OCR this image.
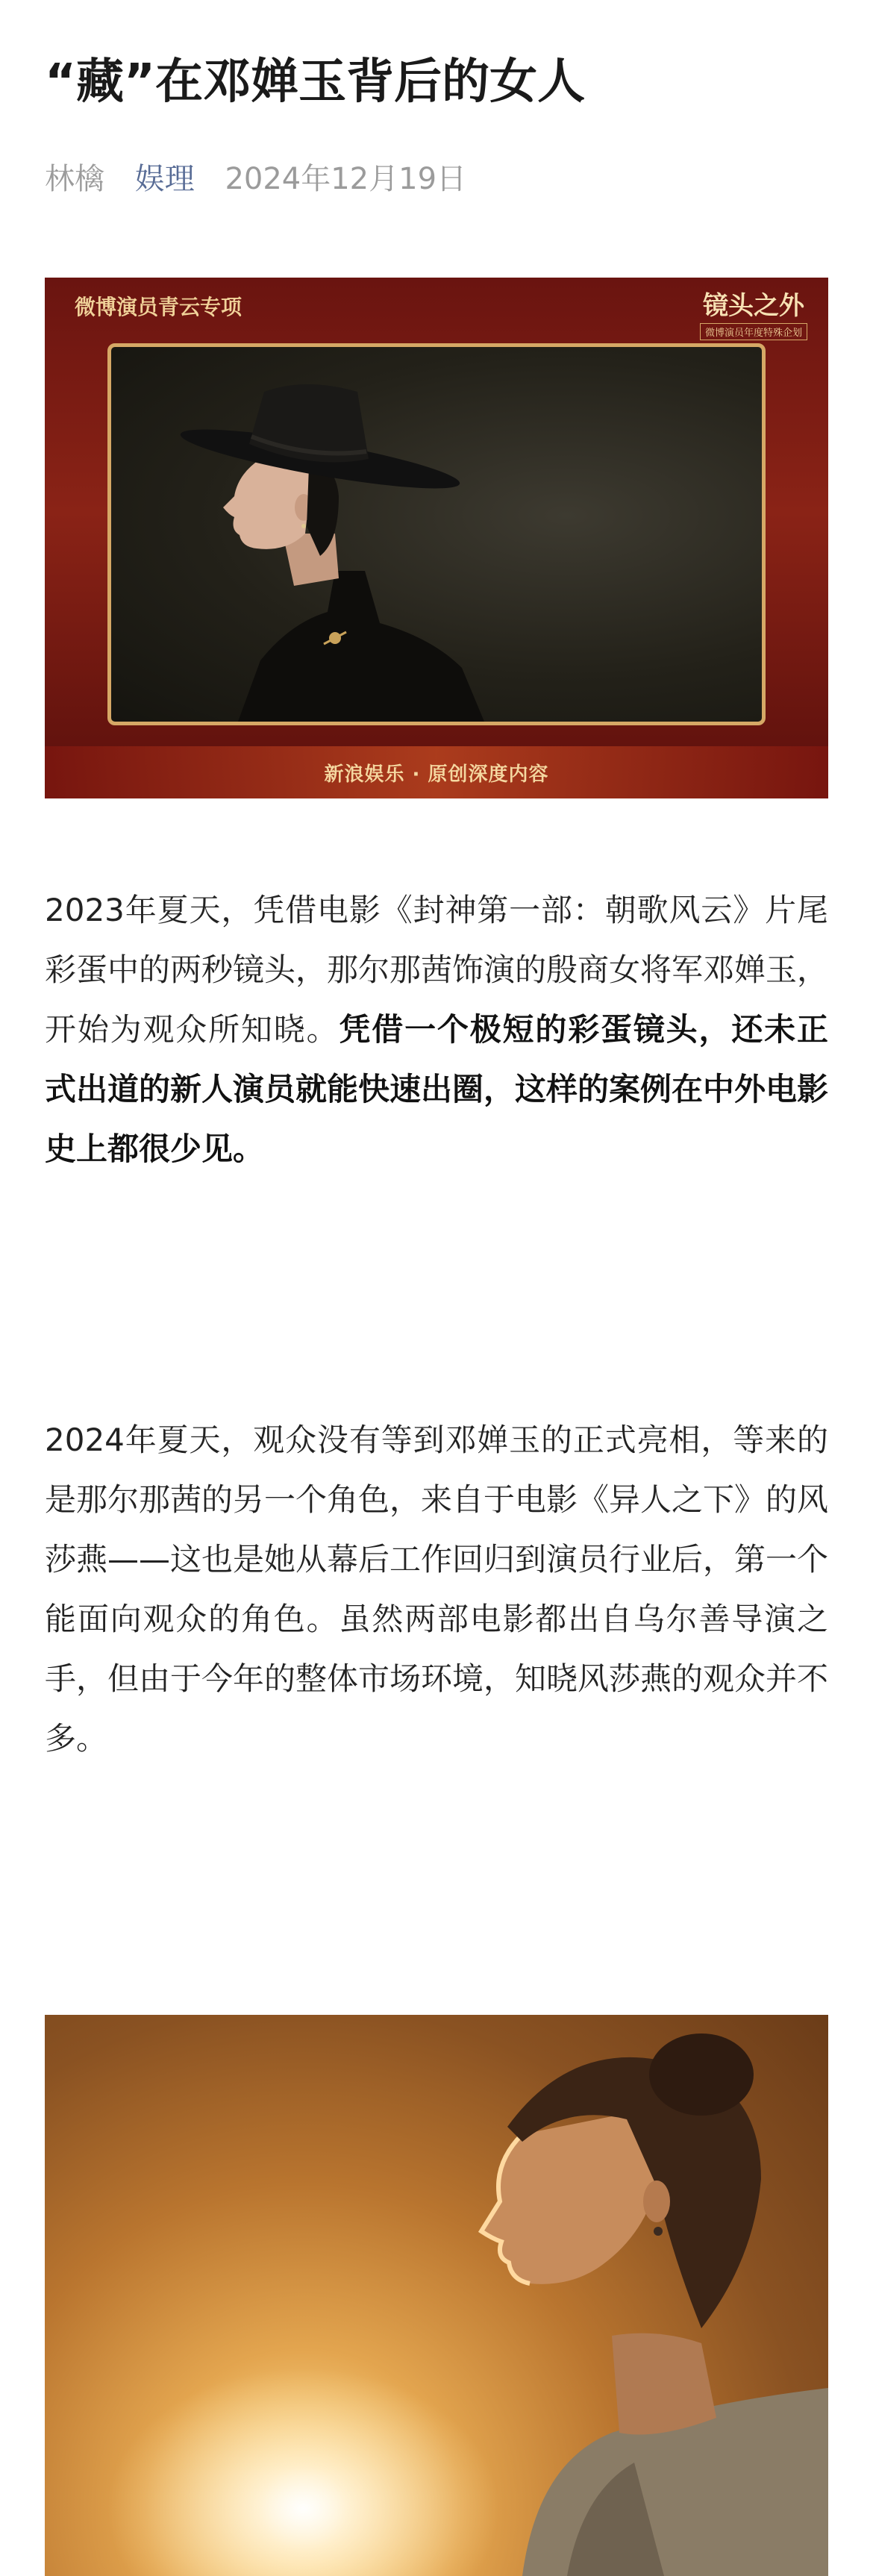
“藏”在邓婵玉背后的女人
林檎 娱理 2024年12月19日
微博演员青云专项	镜头之外
微博演员年度特殊企划
新浪娱乐 · 原创深度内容

2023年夏天，凭借电影《封神第一部：朝歌风云》片尾彩蛋中的两秒镜头，那尔那茜饰演的殷商女将军邓婵玉，开始为观众所知晓。凭借一个极短的彩蛋镜头，还未正式出道的新人演员就能快速出圈，这样的案例在中外电影史上都很少见。

2024年夏天，观众没有等到邓婵玉的正式亮相，等来的是那尔那茜的另一个角色，来自于电影《异人之下》的风莎燕——这也是她从幕后工作回归到演员行业后，第一个能面向观众的角色。虽然两部电影都出自乌尔善导演之手，但由于今年的整体市场环境，知晓风莎燕的观众并不多。
